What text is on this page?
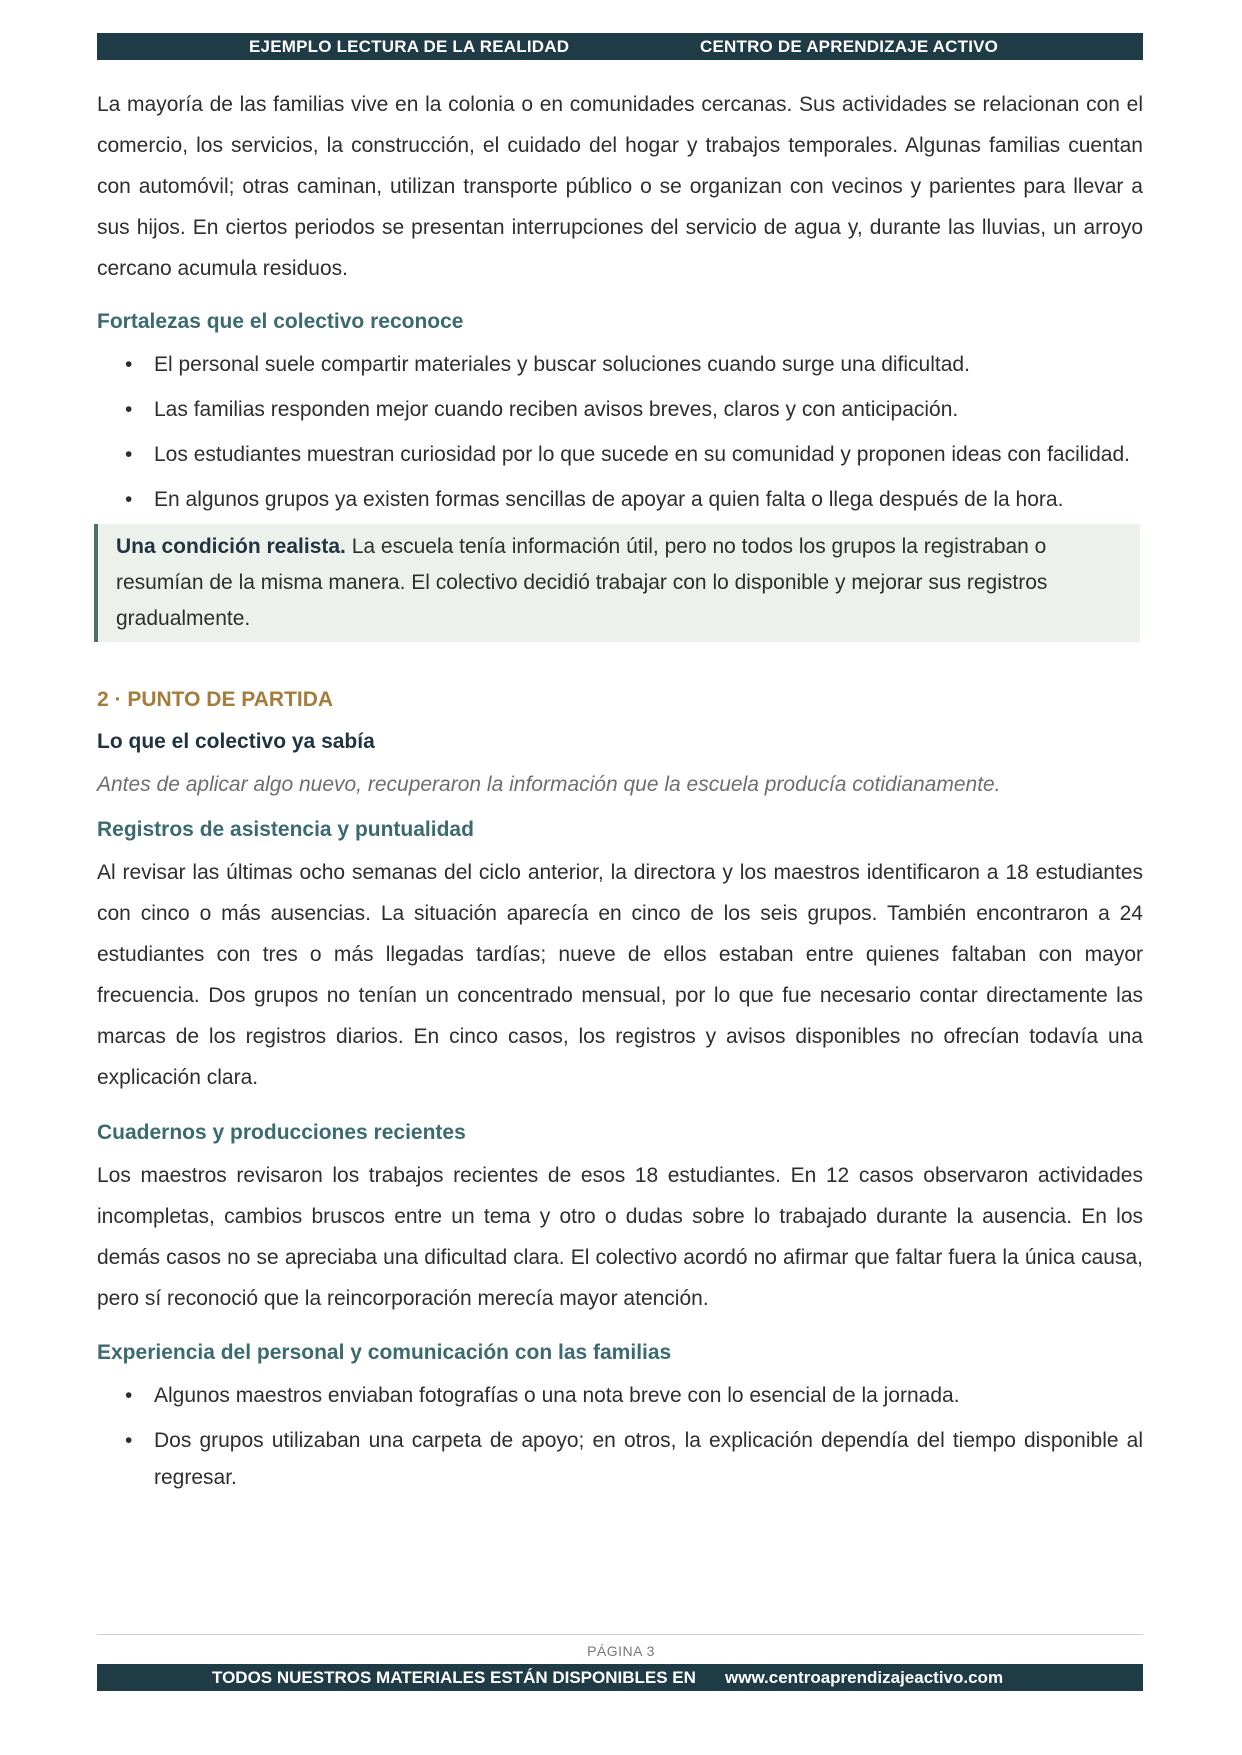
EJEMPLO LECTURA DE LA REALIDAD	CENTRO DE APRENDIZAJE ACTIVO

La mayoría de las familias vive en la colonia o en comunidades cercanas. Sus actividades se relacionan con el comercio, los servicios, la construcción, el cuidado del hogar y trabajos temporales. Algunas familias cuentan con automóvil; otras caminan, utilizan transporte público o se organizan con vecinos y parientes para llevar a sus hijos. En ciertos periodos se presentan interrupciones del servicio de agua y, durante las lluvias, un arroyo cercano acumula residuos.

Fortalezas que el colectivo reconoce
• El personal suele compartir materiales y buscar soluciones cuando surge una dificultad.
• Las familias responden mejor cuando reciben avisos breves, claros y con anticipación.
• Los estudiantes muestran curiosidad por lo que sucede en su comunidad y proponen ideas con facilidad.
• En algunos grupos ya existen formas sencillas de apoyar a quien falta o llega después de la hora.

Una condición realista. La escuela tenía información útil, pero no todos los grupos la registraban o resumían de la misma manera. El colectivo decidió trabajar con lo disponible y mejorar sus registros gradualmente.

2 · PUNTO DE PARTIDA
Lo que el colectivo ya sabía

Antes de aplicar algo nuevo, recuperaron la información que la escuela producía cotidianamente.

Registros de asistencia y puntualidad

Al revisar las últimas ocho semanas del ciclo anterior, la directora y los maestros identificaron a 18 estudiantes con cinco o más ausencias. La situación aparecía en cinco de los seis grupos. También encontraron a 24 estudiantes con tres o más llegadas tardías; nueve de ellos estaban entre quienes faltaban con mayor frecuencia. Dos grupos no tenían un concentrado mensual, por lo que fue necesario contar directamente las marcas de los registros diarios. En cinco casos, los registros y avisos disponibles no ofrecían todavía una explicación clara.

Cuadernos y producciones recientes

Los maestros revisaron los trabajos recientes de esos 18 estudiantes. En 12 casos observaron actividades incompletas, cambios bruscos entre un tema y otro o dudas sobre lo trabajado durante la ausencia. En los demás casos no se apreciaba una dificultad clara. El colectivo acordó no afirmar que faltar fuera la única causa, pero sí reconoció que la reincorporación merecía mayor atención.

Experiencia del personal y comunicación con las familias
• Algunos maestros enviaban fotografías o una nota breve con lo esencial de la jornada.
• Dos grupos utilizaban una carpeta de apoyo; en otros, la explicación dependía del tiempo disponible al regresar.
PÁGINA 3
TODOS NUESTROS MATERIALES ESTÁN DISPONIBLES EN www.centroaprendizajeactivo.com
